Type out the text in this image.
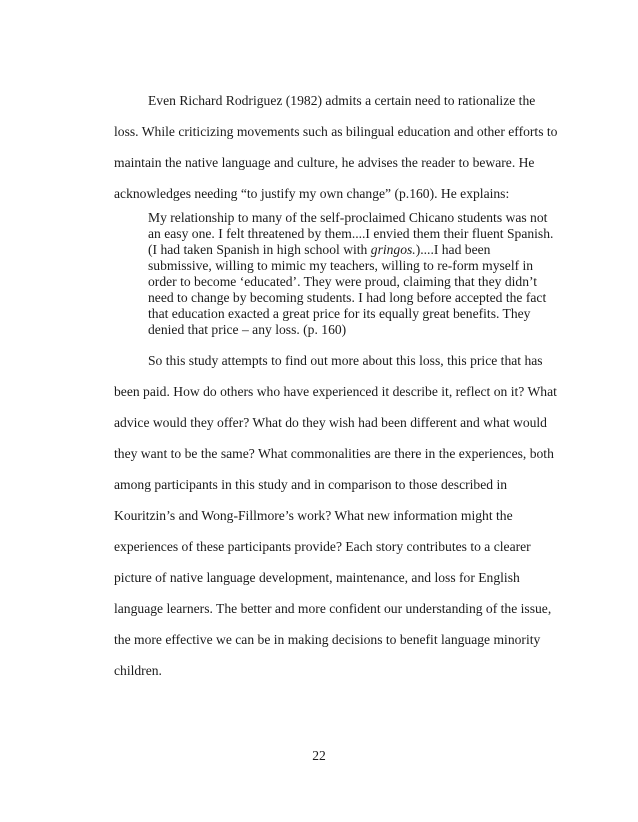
Even Richard Rodriguez (1982) admits a certain need to rationalize the
loss. While criticizing movements such as bilingual education and other efforts to
maintain the native language and culture, he advises the reader to beware. He
acknowledges needing “to justify my own change” (p.160). He explains:
My relationship to many of the self-proclaimed Chicano students was not
an easy one. I felt threatened by them....I envied them their fluent Spanish.
(I had taken Spanish in high school with gringos.)....I had been
submissive, willing to mimic my teachers, willing to re-form myself in
order to become ‘educated’. They were proud, claiming that they didn’t
need to change by becoming students. I had long before accepted the fact
that education exacted a great price for its equally great benefits. They
denied that price – any loss. (p. 160)
So this study attempts to find out more about this loss, this price that has
been paid. How do others who have experienced it describe it, reflect on it? What
advice would they offer? What do they wish had been different and what would
they want to be the same? What commonalities are there in the experiences, both
among participants in this study and in comparison to those described in
Kouritzin’s and Wong-Fillmore’s work? What new information might the
experiences of these participants provide? Each story contributes to a clearer
picture of native language development, maintenance, and loss for English
language learners. The better and more confident our understanding of the issue,
the more effective we can be in making decisions to benefit language minority
children.
22
